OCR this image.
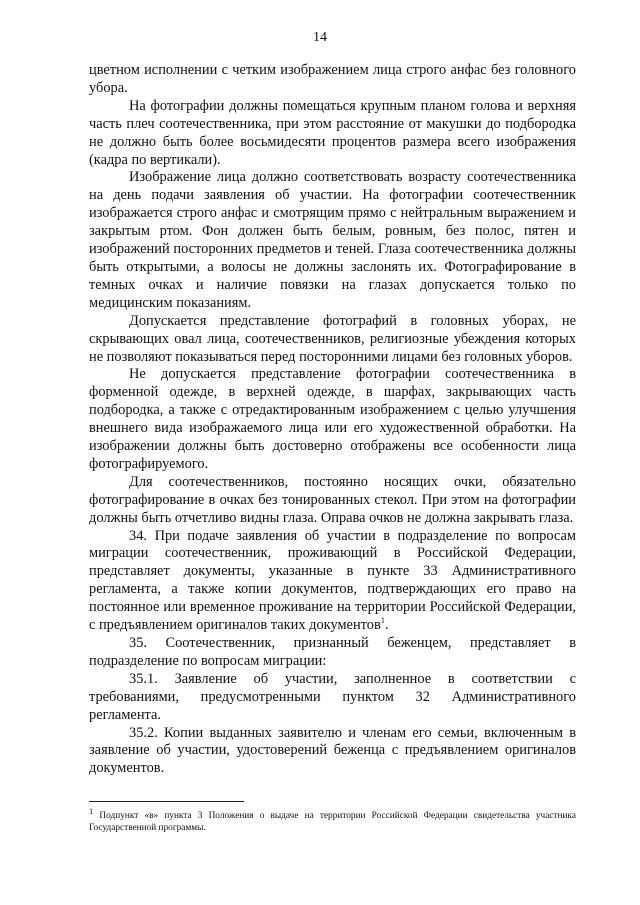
14

цветном исполнении с четким изображением лица строго анфас без головного убора.

На фотографии должны помещаться крупным планом голова и верхняя часть плеч соотечественника, при этом расстояние от макушки до подбородка не должно быть более восьмидесяти процентов размера всего изображения (кадра по вертикали).

Изображение лица должно соответствовать возрасту соотечественника на день подачи заявления об участии. На фотографии соотечественник изображается строго анфас и смотрящим прямо с нейтральным выражением и закрытым ртом. Фон должен быть белым, ровным, без полос, пятен и изображений посторонних предметов и теней. Глаза соотечественника должны быть открытыми, а волосы не должны заслонять их. Фотографирование в темных очках и наличие повязки на глазах допускается только по медицинским показаниям.

Допускается представление фотографий в головных уборах, не скрывающих овал лица, соотечественников, религиозные убеждения которых не позволяют показываться перед посторонними лицами без головных уборов.

Не допускается представление фотографии соотечественника в форменной одежде, в верхней одежде, в шарфах, закрывающих часть подбородка, а также с отредактированным изображением с целью улучшения внешнего вида изображаемого лица или его художественной обработки. На изображении должны быть достоверно отображены все особенности лица фотографируемого.

Для соотечественников, постоянно носящих очки, обязательно фотографирование в очках без тонированных стекол. При этом на фотографии должны быть отчетливо видны глаза. Оправа очков не должна закрывать глаза.

34. При подаче заявления об участии в подразделение по вопросам миграции соотечественник, проживающий в Российской Федерации, представляет документы, указанные в пункте 33 Административного регламента, а также копии документов, подтверждающих его право на постоянное или временное проживание на территории Российской Федерации, с предъявлением оригиналов таких документов$^1$.

35. Соотечественник, признанный беженцем, представляет в подразделение по вопросам миграции:

35.1. Заявление об участии, заполненное в соответствии с требованиями, предусмотренными пунктом 32 Административного регламента.

35.2. Копии выданных заявителю и членам его семьи, включенным в заявление об участии, удостоверений беженца с предъявлением оригиналов документов.

$^1$ Подпункт «в» пункта 3 Положения о выдаче на территории Российской Федерации свидетельства участника Государственной программы.
